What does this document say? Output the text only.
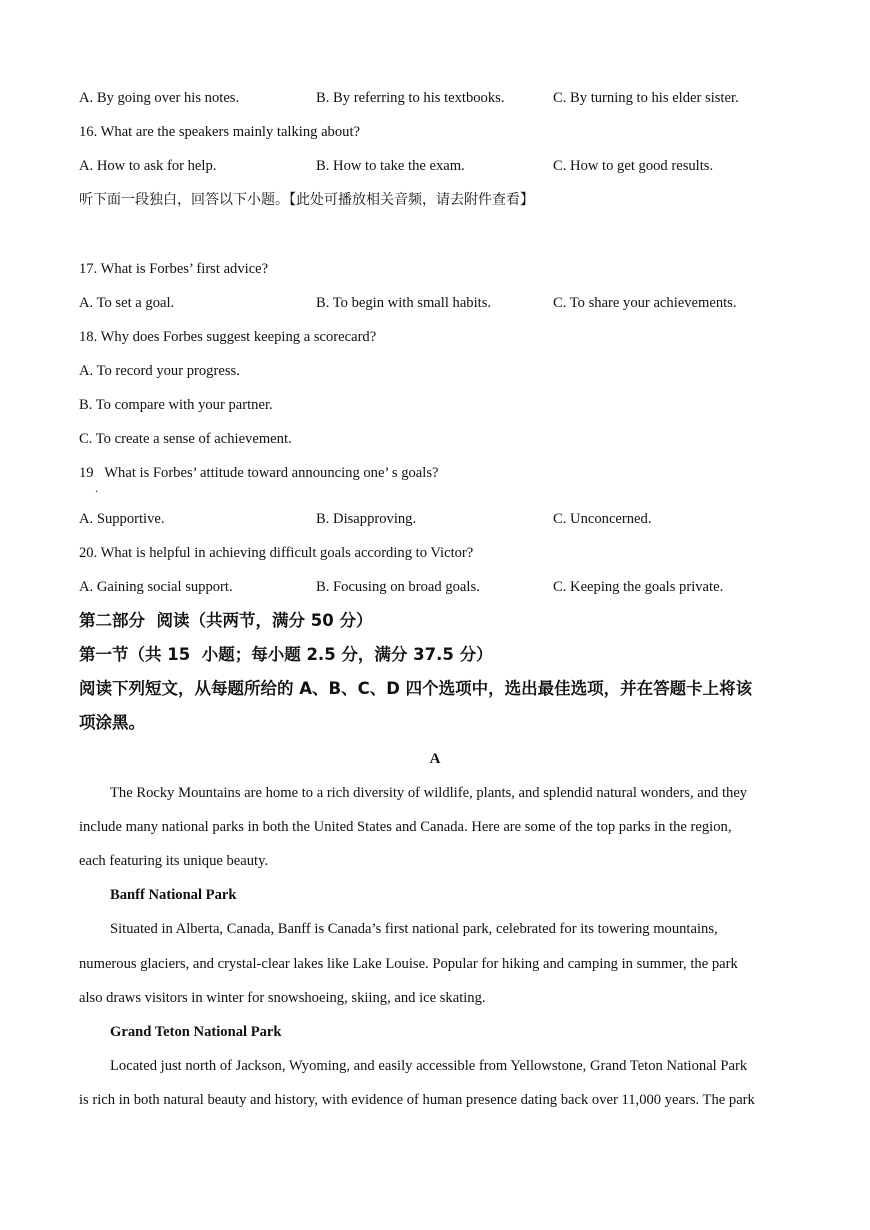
A. By going over his notes.	B. By referring to his textbooks.	C. By turning to his elder sister.
16. What are the speakers mainly talking about?
A. How to ask for help.	B. How to take the exam.	C. How to get good results.
听下面一段独白，回答以下小题。【此处可播放相关音频，请去附件查看】
17. What is Forbes’ first advice?
A. To set a goal.	B. To begin with small habits.	C. To share your achievements.
18. Why does Forbes suggest keeping a scorecard?
A. To record your progress.
B. To compare with your partner.
C. To create a sense of achievement.
19   What is Forbes’ attitude toward announcing one’ s goals?
.
A. Supportive.	B. Disapproving.	C. Unconcerned.
20. What is helpful in achieving difficult goals according to Victor?
A. Gaining social support.	B. Focusing on broad goals.	C. Keeping the goals private.
第二部分  阅读（共两节，满分 50 分）
第一节（共 15  小题；每小题 2.5 分，满分 37.5 分）
阅读下列短文，从每题所给的 A、B、C、D 四个选项中，选出最佳选项，并在答题卡上将该
项涂黑。
A
The Rocky Mountains are home to a rich diversity of wildlife, plants, and splendid natural wonders, and they
include many national parks in both the United States and Canada. Here are some of the top parks in the region,
each featuring its unique beauty.
Banff National Park
Situated in Alberta, Canada, Banff is Canada’s first national park, celebrated for its towering mountains,
numerous glaciers, and crystal-clear lakes like Lake Louise. Popular for hiking and camping in summer, the park
also draws visitors in winter for snowshoeing, skiing, and ice skating.
Grand Teton National Park
Located just north of Jackson, Wyoming, and easily accessible from Yellowstone, Grand Teton National Park
is rich in both natural beauty and history, with evidence of human presence dating back over 11,000 years. The park
